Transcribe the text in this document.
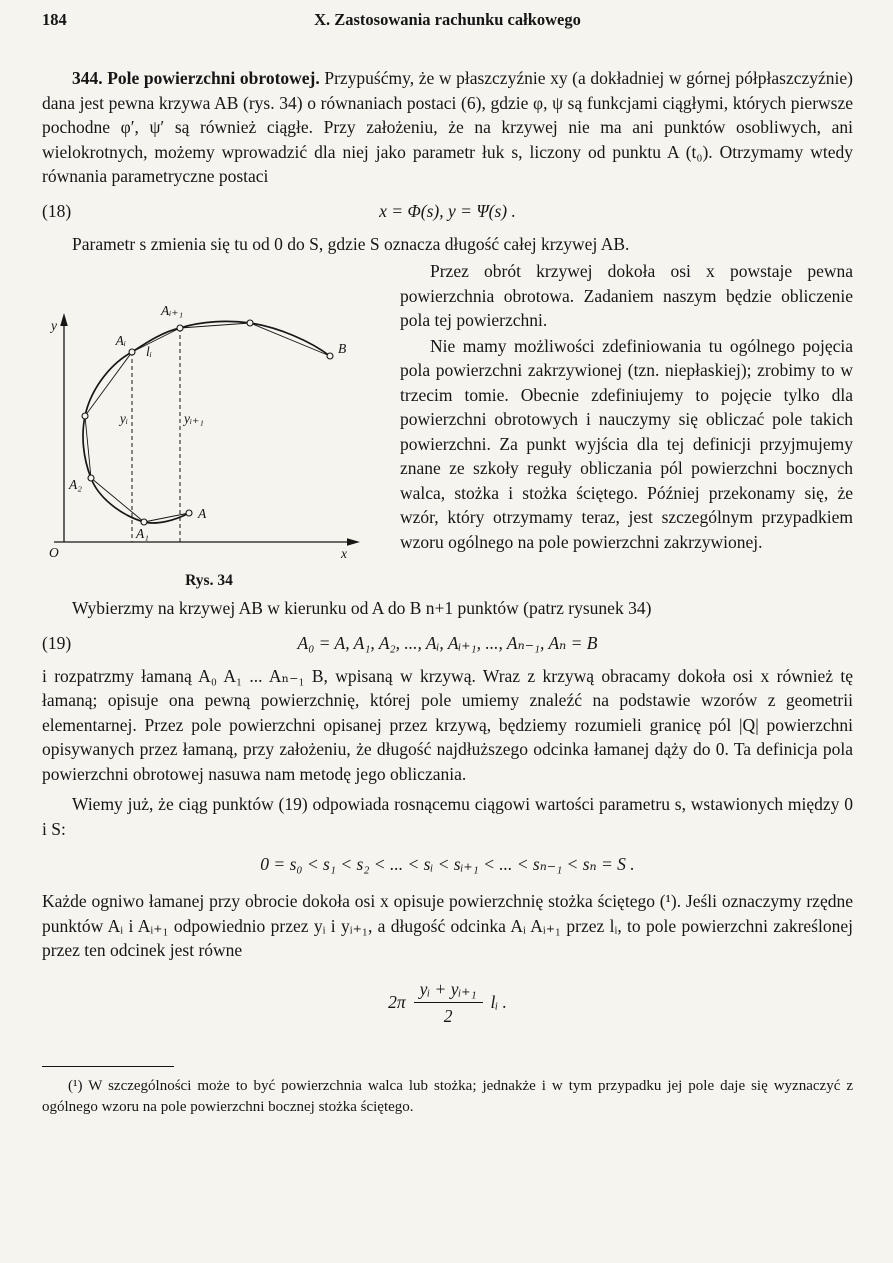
184	X. Zastosowania rachunku całkowego

344. Pole powierzchni obrotowej. Przypuśćmy, że w płaszczyźnie xy (a dokładniej w górnej półpłaszczyźnie) dana jest pewna krzywa AB (rys. 34) o równaniach postaci (6), gdzie φ, ψ są funkcjami ciągłymi, których pierwsze pochodne φ′, ψ′ są również ciągłe. Przy założeniu, że na krzywej nie ma ani punktów osobliwych, ani wielokrotnych, możemy wprowadzić dla niej jako parametr łuk s, liczony od punktu A (t₀). Otrzymamy wtedy równania parametryczne postaci

(18)	x = Φ(s), y = Ψ(s) .

Parametr s zmienia się tu od 0 do S, gdzie S oznacza długość całej krzywej AB.

y
O	x
Aᵢ₊₁
Aᵢ
lᵢ	B
yᵢ	yᵢ₊₁
A₂
A₁
A
Rys. 34

Przez obrót krzywej dokoła osi x powstaje pewna powierzchnia obrotowa. Zadaniem naszym będzie obliczenie pola tej powierzchni.

Nie mamy możliwości zdefiniowania tu ogólnego pojęcia pola powierzchni zakrzywionej (tzn. niepłaskiej); zrobimy to w trzecim tomie. Obecnie zdefiniujemy to pojęcie tylko dla powierzchni obrotowych i nauczymy się obliczać pole takich powierzchni. Za punkt wyjścia dla tej definicji przyjmujemy znane ze szkoły reguły obliczania pól powierzchni bocznych walca, stożka i stożka ściętego. Później przekonamy się, że wzór, który otrzymamy teraz, jest szczególnym przypadkiem wzoru ogólnego na pole powierzchni zakrzywionej.

Wybierzmy na krzywej AB w kierunku od A do B n+1 punktów (patrz rysunek 34)

(19)	A₀ = A, A₁, A₂, ..., Aᵢ, Aᵢ₊₁, ..., Aₙ₋₁, Aₙ = B

i rozpatrzmy łamaną A₀ A₁ ... Aₙ₋₁ B, wpisaną w krzywą. Wraz z krzywą obracamy dokoła osi x również tę łamaną; opisuje ona pewną powierzchnię, której pole umiemy znaleźć na podstawie wzorów z geometrii elementarnej. Przez pole powierzchni opisanej przez krzywą, będziemy rozumieli granicę pól |Q| powierzchni opisywanych przez łamaną, przy założeniu, że długość najdłuższego odcinka łamanej dąży do 0. Ta definicja pola powierzchni obrotowej nasuwa nam metodę jego obliczania.

Wiemy już, że ciąg punktów (19) odpowiada rosnącemu ciągowi wartości parametru s, wstawionych między 0 i S:

0 = s₀ < s₁ < s₂ < ... < sᵢ < sᵢ₊₁ < ... < sₙ₋₁ < sₙ = S .

Każde ogniwo łamanej przy obrocie dokoła osi x opisuje powierzchnię stożka ściętego (¹). Jeśli oznaczymy rzędne punktów Aᵢ i Aᵢ₊₁ odpowiednio przez yᵢ i yᵢ₊₁, a długość odcinka Aᵢ Aᵢ₊₁ przez lᵢ, to pole powierzchni zakreślonej przez ten odcinek jest równe

$2\pi \frac{\text{yᵢ + yᵢ₊₁}}{2}$ lᵢ .

(¹) W szczególności może to być powierzchnia walca lub stożka; jednakże i w tym przypadku jej pole daje się wyznaczyć z ogólnego wzoru na pole powierzchni bocznej stożka ściętego.
